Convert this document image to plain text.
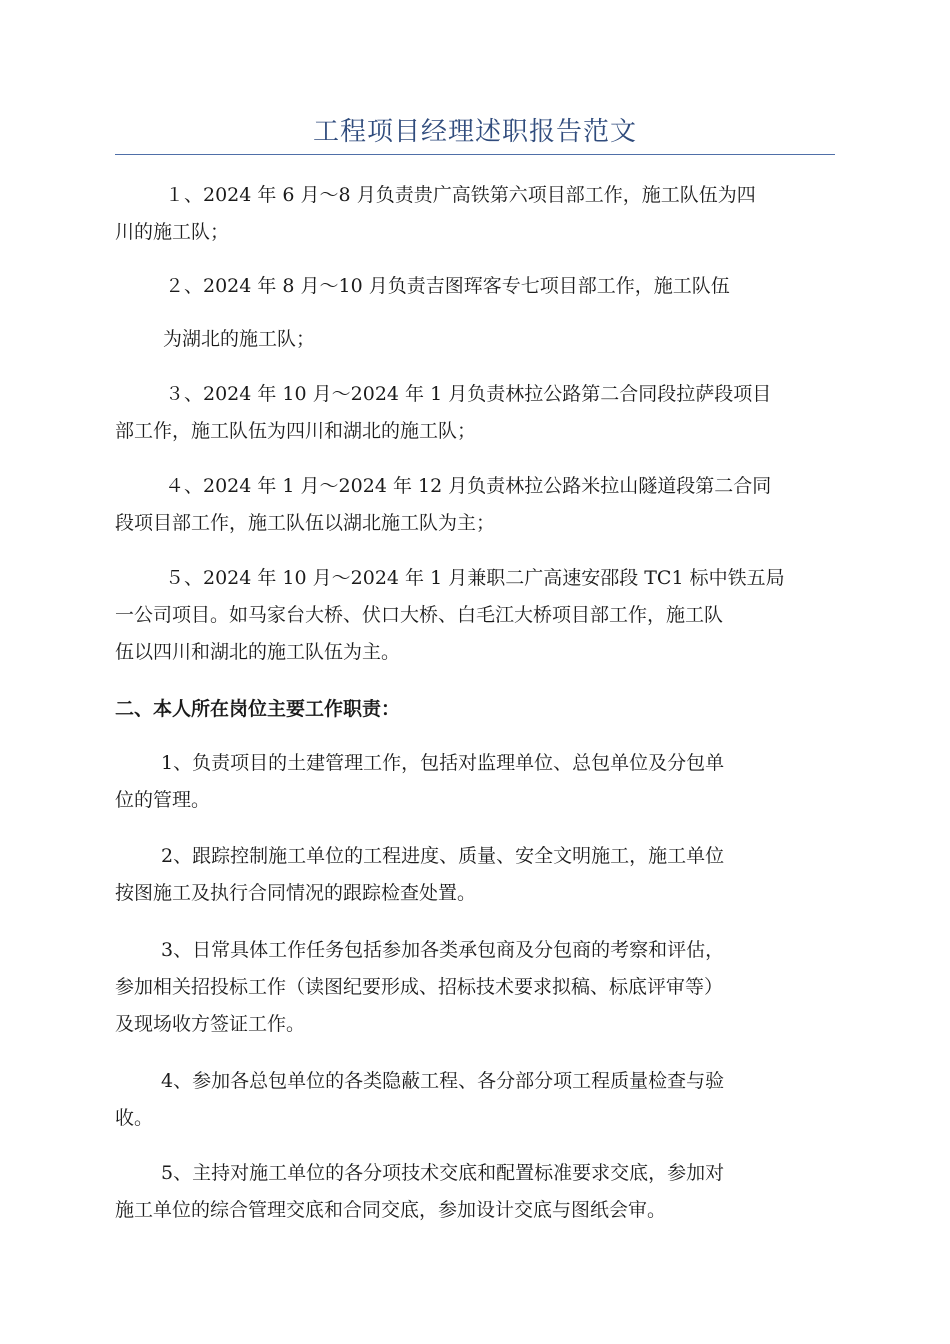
工程项目经理述职报告范文
１、2024 年 6 月～8 月负责贵广高铁第六项目部工作，施工队伍为四
川的施工队；
２、2024 年 8 月～10 月负责吉图珲客专七项目部工作，施工队伍
为湖北的施工队；
３、2024 年 10 月～2024 年 1 月负责林拉公路第二合同段拉萨段项目
部工作，施工队伍为四川和湖北的施工队；
４、2024 年 1 月～2024 年 12 月负责林拉公路米拉山隧道段第二合同
段项目部工作，施工队伍以湖北施工队为主；
５、2024 年 10 月～2024 年 1 月兼职二广高速安邵段 TC1 标中铁五局
一公司项目。如马家台大桥、伏口大桥、白毛江大桥项目部工作，施工队
伍以四川和湖北的施工队伍为主。
二、本人所在岗位主要工作职责：
1、负责项目的土建管理工作，包括对监理单位、总包单位及分包单
位的管理。
2、跟踪控制施工单位的工程进度、质量、安全文明施工，施工单位
按图施工及执行合同情况的跟踪检查处置。
3、日常具体工作任务包括参加各类承包商及分包商的考察和评估，
参加相关招投标工作（读图纪要形成、招标技术要求拟稿、标底评审等）
及现场收方签证工作。
4、参加各总包单位的各类隐蔽工程、各分部分项工程质量检查与验
收。
5、主持对施工单位的各分项技术交底和配置标准要求交底，参加对
施工单位的综合管理交底和合同交底，参加设计交底与图纸会审。
